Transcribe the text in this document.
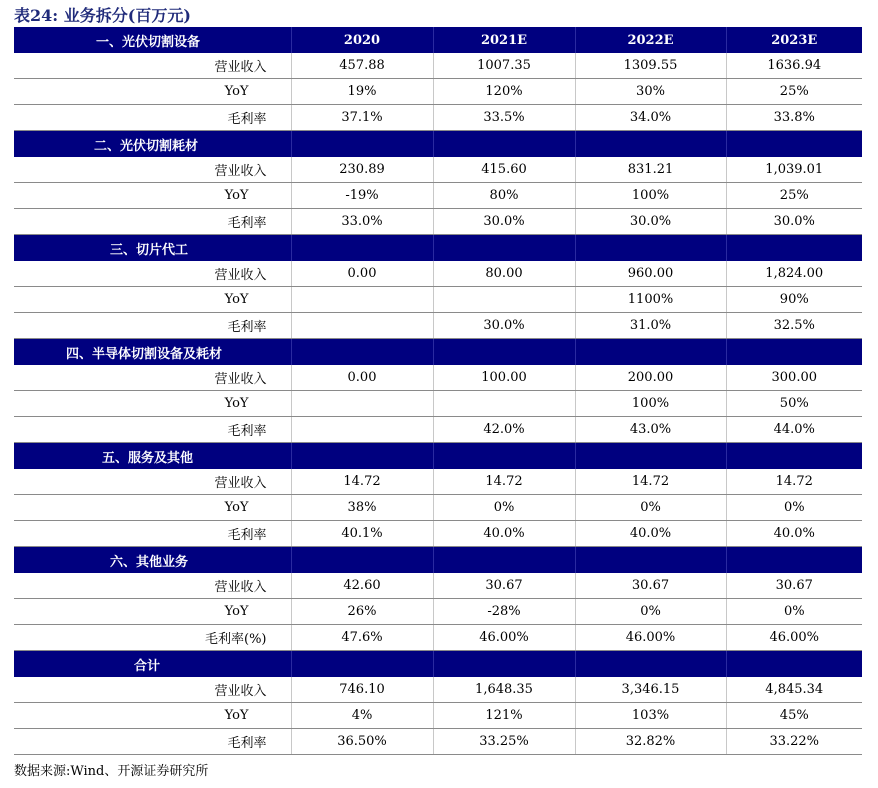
表24: 业务拆分(百万元)
一、光伏切割设备	2020	2021E	2022E	2023E
营业收入	457.88	1007.35	1309.55	1636.94
YoY	19%	120%	30%	25%
毛利率	37.1%	33.5%	34.0%	33.8%
二、光伏切割耗材				
营业收入	230.89	415.60	831.21	1,039.01
YoY	-19%	80%	100%	25%
毛利率	33.0%	30.0%	30.0%	30.0%
三、切片代工				
营业收入	0.00	80.00	960.00	1,824.00
YoY			1100%	90%
毛利率		30.0%	31.0%	32.5%
四、半导体切割设备及耗材				
营业收入	0.00	100.00	200.00	300.00
YoY			100%	50%
毛利率		42.0%	43.0%	44.0%
五、服务及其他				
营业收入	14.72	14.72	14.72	14.72
YoY	38%	0%	0%	0%
毛利率	40.1%	40.0%	40.0%	40.0%
六、其他业务				
营业收入	42.60	30.67	30.67	30.67
YoY	26%	-28%	0%	0%
毛利率(%)	47.6%	46.00%	46.00%	46.00%
合计				
营业收入	746.10	1,648.35	3,346.15	4,845.34
YoY	4%	121%	103%	45%
毛利率	36.50%	33.25%	32.82%	33.22%
数据来源:Wind、开源证券研究所
